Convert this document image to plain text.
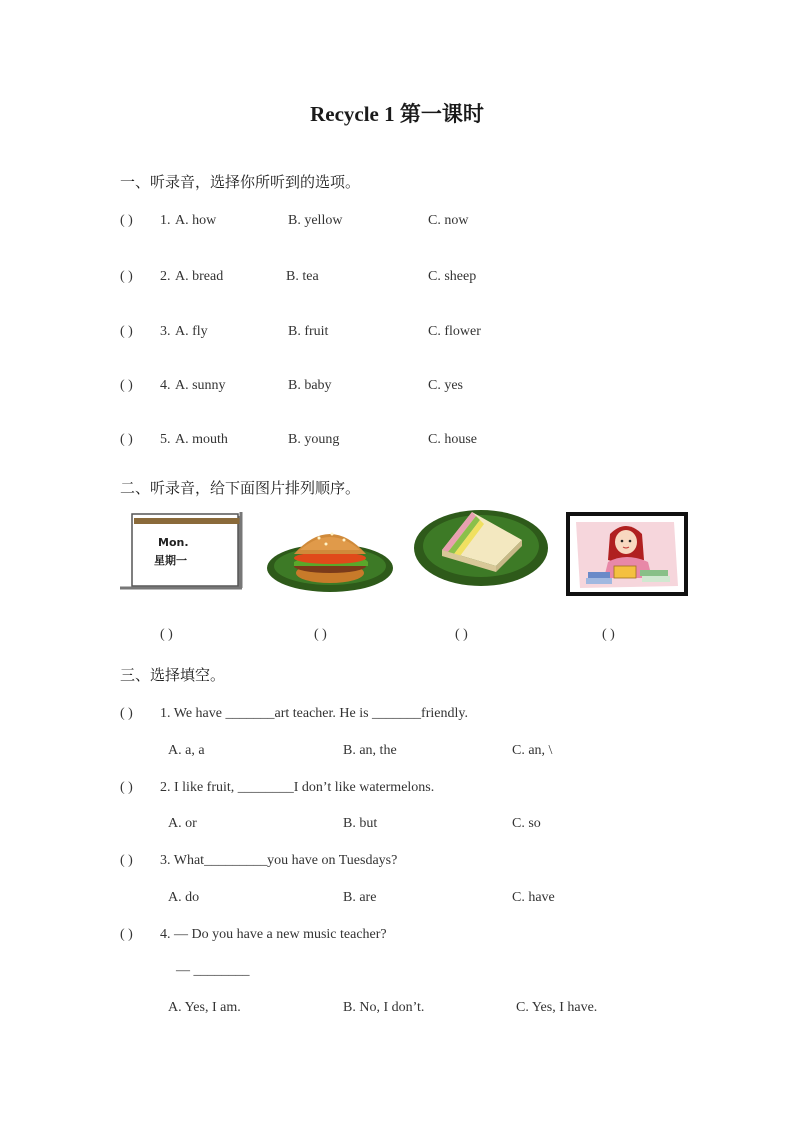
Recycle 1 第一课时
一、听录音，选择你所听到的选项。
( ) 1. A. how	B. yellow	C. now
( ) 2. A. bread	B. tea	C. sheep
( ) 3. A. fly	B. fruit	C. flower
( ) 4. A. sunny	B. baby	C. yes
( ) 5. A. mouth	B. young	C. house
二、听录音，给下面图片排列顺序。
Mon.
星期一
( )	( )	( )	( )
三、选择填空。
( ) 1. We have _______art teacher. He is _______friendly.
A. a, a	B. an, the	C. an, \
( ) 2. I like fruit, ________I don’t like watermelons.
A. or	B. but	C. so
( ) 3. What_________you have on Tuesdays?
A. do	B. are	C. have
( ) 4. — Do you have a new music teacher?
— ________
A. Yes, I am.	B. No, I don’t.	C. Yes, I have.
